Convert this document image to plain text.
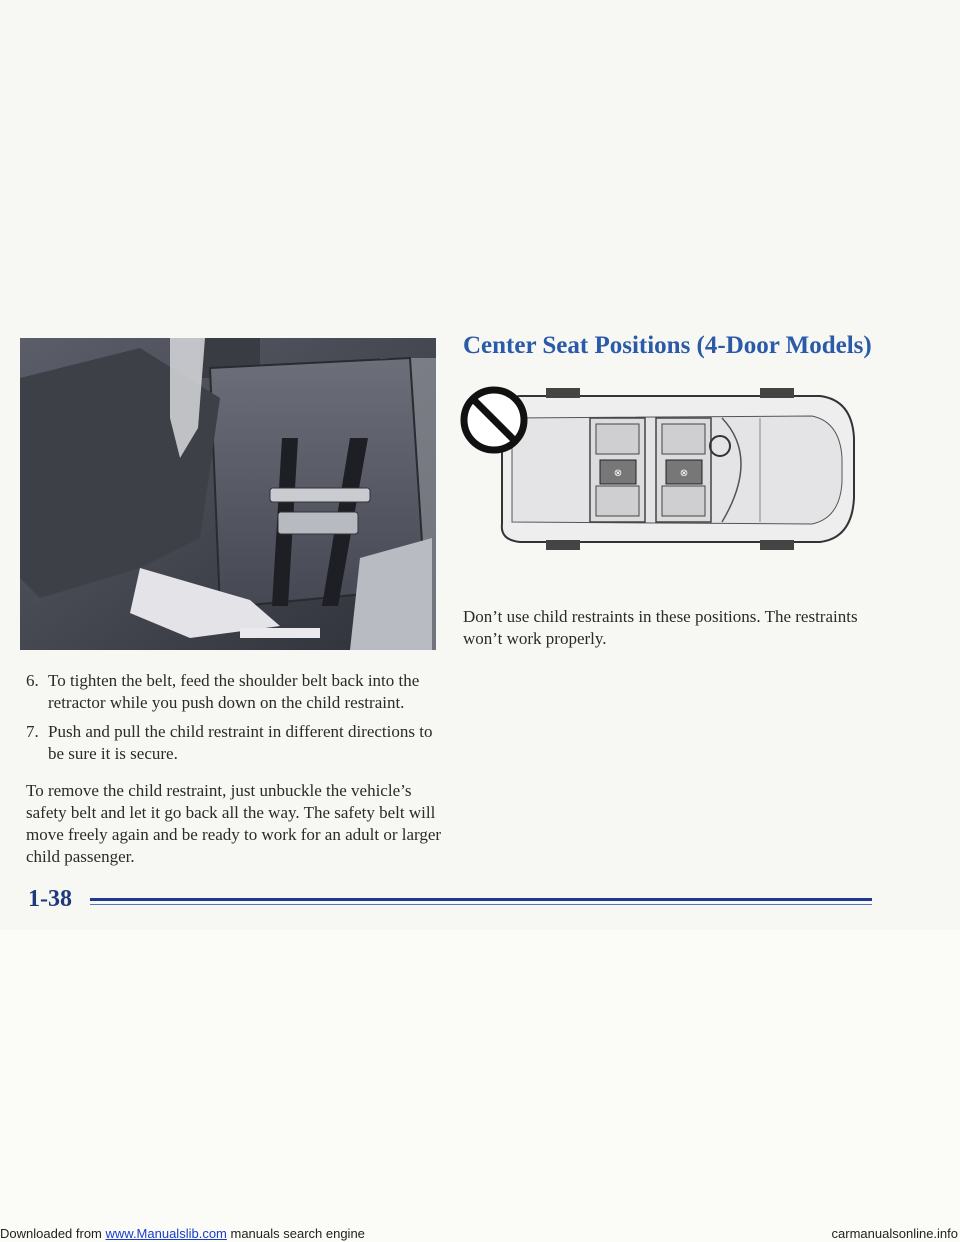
Center Seat Positions (4-Door Models)
⊗	⊗
Don’t use child restraints in these positions. The restraints won’t work properly.
6. To tighten the belt, feed the shoulder belt back into the retractor while you push down on the child restraint.
7. Push and pull the child restraint in different directions to be sure it is secure.
To remove the child restraint, just unbuckle the vehicle’s safety belt and let it go back all the way. The safety belt will move freely again and be ready to work for an adult or larger child passenger.
1-38
Downloaded from www.Manualslib.com manuals search engine	carmanualsonline.info
